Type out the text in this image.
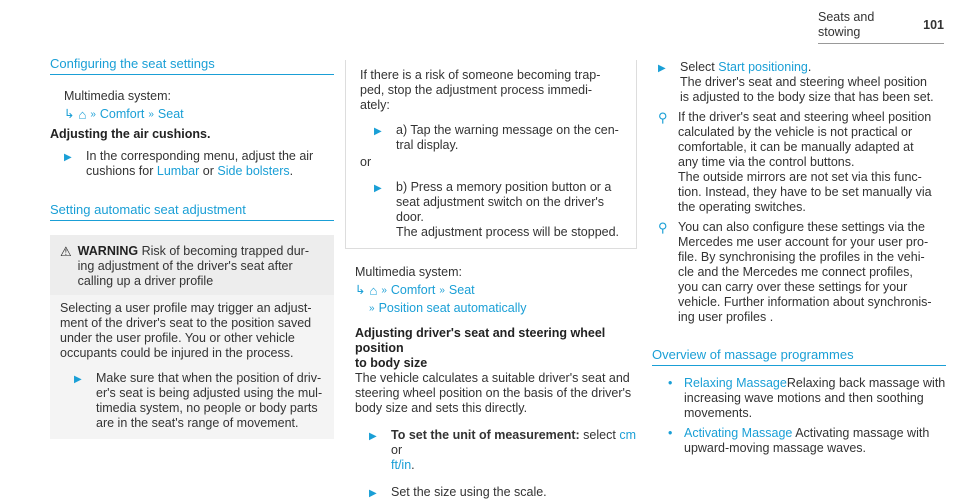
Seats and stowing
101
Configuring the seat settings
Multimedia system:
↳ ⌂ » Comfort » Seat
Adjusting the air cushions.
▶	In the corresponding menu, adjust the air
cushions for Lumbar or Side bolsters.
Setting automatic seat adjustment
⚠ WARNING Risk of becoming trapped dur-
ing adjustment of the driver's seat after
calling up a driver profile
Selecting a user profile may trigger an adjust-
ment of the driver's seat to the position saved
under the user profile. You or other vehicle
occupants could be injured in the process.
▶	Make sure that when the position of driv-
er's seat is being adjusted using the mul-
timedia system, no people or body parts
are in the seat's range of movement.
If there is a risk of someone becoming trap-
ped, stop the adjustment process immedi-
ately:
▶	a) Tap the warning message on the cen-
tral display.
or
▶	b) Press a memory position button or a
seat adjustment switch on the driver's
door.
The adjustment process will be stopped.
Multimedia system:
↳ ⌂ » Comfort » Seat
» Position seat automatically
Adjusting driver's seat and steering wheel position
to body size
The vehicle calculates a suitable driver's seat and
steering wheel position on the basis of the driver's
body size and sets this directly.
▶	To set the unit of measurement: select cm or
ft/in.
▶	Set the size using the scale.
▶	Select Start positioning.
The driver's seat and steering wheel position
is adjusted to the body size that has been set.
⚲ If the driver's seat and steering wheel position
calculated by the vehicle is not practical or
comfortable, it can be manually adapted at
any time via the control buttons.
The outside mirrors are not set via this func-
tion. Instead, they have to be set manually via
the operating switches.
⚲ You can also configure these settings via the
Mercedes me user account for your user pro-
file. By synchronising the profiles in the vehi-
cle and the Mercedes me connect profiles,
you can carry over these settings for your
vehicle. Further information about synchronis-
ing user profiles .
Overview of massage programmes
• Relaxing MassageRelaxing back massage with
increasing wave motions and then soothing
movements.
• Activating Massage Activating massage with
upward-moving massage waves.
